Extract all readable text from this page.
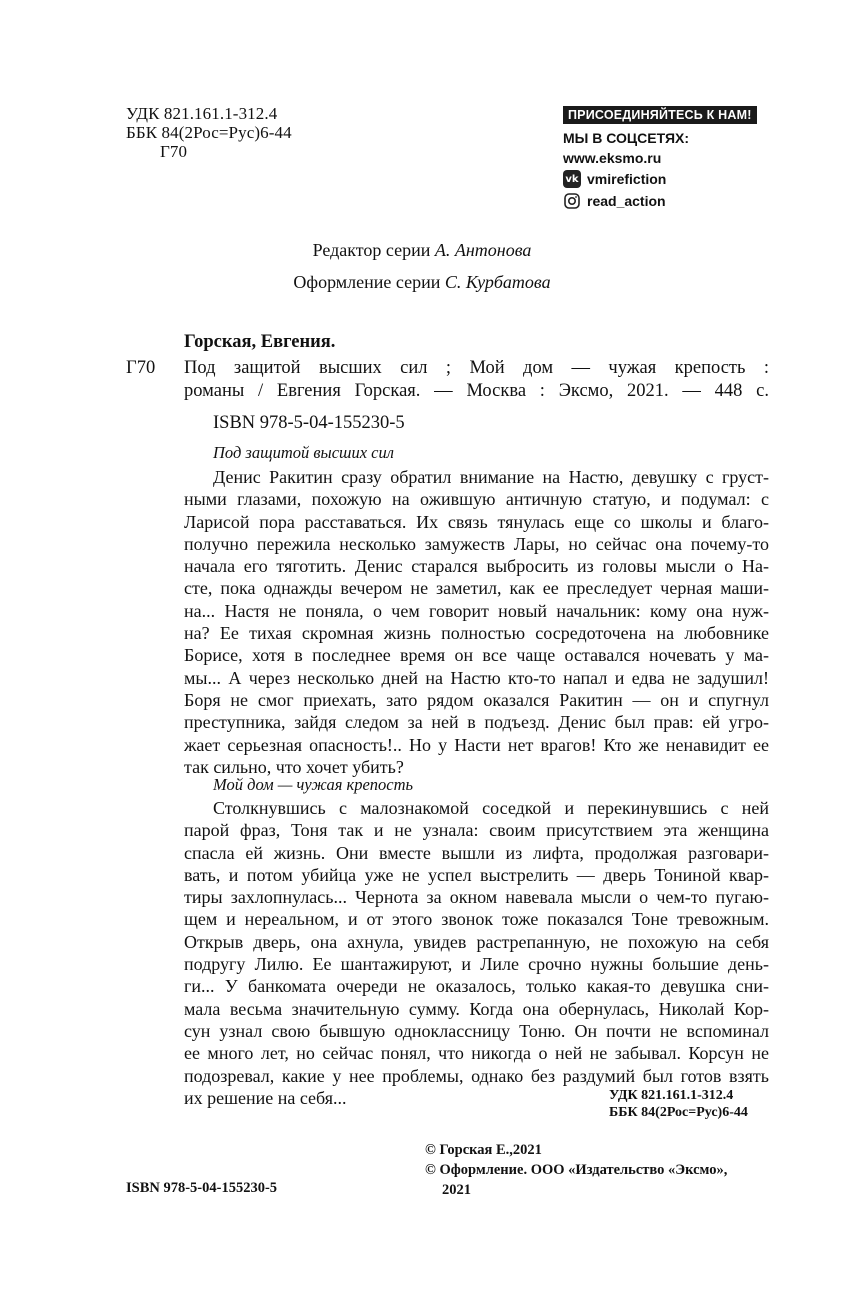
УДК 821.161.1-312.4
ББК 84(2Рос=Рус)6-44
Г70
ПРИСОЕДИНЯЙТЕСЬ К НАМ!
МЫ В СОЦСЕТЯХ:
www.eksmo.ru
vk vmirefiction
read_action
Редактор серии А. Антонова
Оформление серии С. Курбатова
Горская, Евгения.
Г70 Под защитой высших сил ; Мой дом — чужая крепость :
романы / Евгения Горская. — Москва : Эксмо, 2021. — 448 с.
ISBN 978-5-04-155230-5
Под защитой высших сил
Денис Ракитин сразу обратил внимание на Настю, девушку с груст-
ными глазами, похожую на ожившую античную статую, и подумал: с
Ларисой пора расставаться. Их связь тянулась еще со школы и благо-
получно пережила несколько замужеств Лары, но сейчас она почему-то
начала его тяготить. Денис старался выбросить из головы мысли о На-
сте, пока однажды вечером не заметил, как ее преследует черная маши-
на... Настя не поняла, о чем говорит новый начальник: кому она нуж-
на? Ее тихая скромная жизнь полностью сосредоточена на любовнике
Борисе, хотя в последнее время он все чаще оставался ночевать у ма-
мы... А через несколько дней на Настю кто-то напал и едва не задушил!
Боря не смог приехать, зато рядом оказался Ракитин — он и спугнул
преступника, зайдя следом за ней в подъезд. Денис был прав: ей угро-
жает серьезная опасность!.. Но у Насти нет врагов! Кто же ненавидит ее
так сильно, что хочет убить?
Мой дом — чужая крепость
Столкнувшись с малознакомой соседкой и перекинувшись с ней
парой фраз, Тоня так и не узнала: своим присутствием эта женщина
спасла ей жизнь. Они вместе вышли из лифта, продолжая разговари-
вать, и потом убийца уже не успел выстрелить — дверь Тониной квар-
тиры захлопнулась... Чернота за окном навевала мысли о чем-то пугаю-
щем и нереальном, и от этого звонок тоже показался Тоне тревожным.
Открыв дверь, она ахнула, увидев растрепанную, не похожую на себя
подругу Лилю. Ее шантажируют, и Лиле срочно нужны большие день-
ги... У банкомата очереди не оказалось, только какая-то девушка сни-
мала весьма значительную сумму. Когда она обернулась, Николай Кор-
сун узнал свою бывшую одноклассницу Тоню. Он почти не вспоминал
ее много лет, но сейчас понял, что никогда о ней не забывал. Корсун не
подозревал, какие у нее проблемы, однако без раздумий был готов взять
их решение на себя...	УДК 821.161.1-312.4
ББК 84(2Рос=Рус)6-44
© Горская Е.,2021
© Оформление. ООО «Издательство «Эксмо»,
2021
ISBN 978-5-04-155230-5
